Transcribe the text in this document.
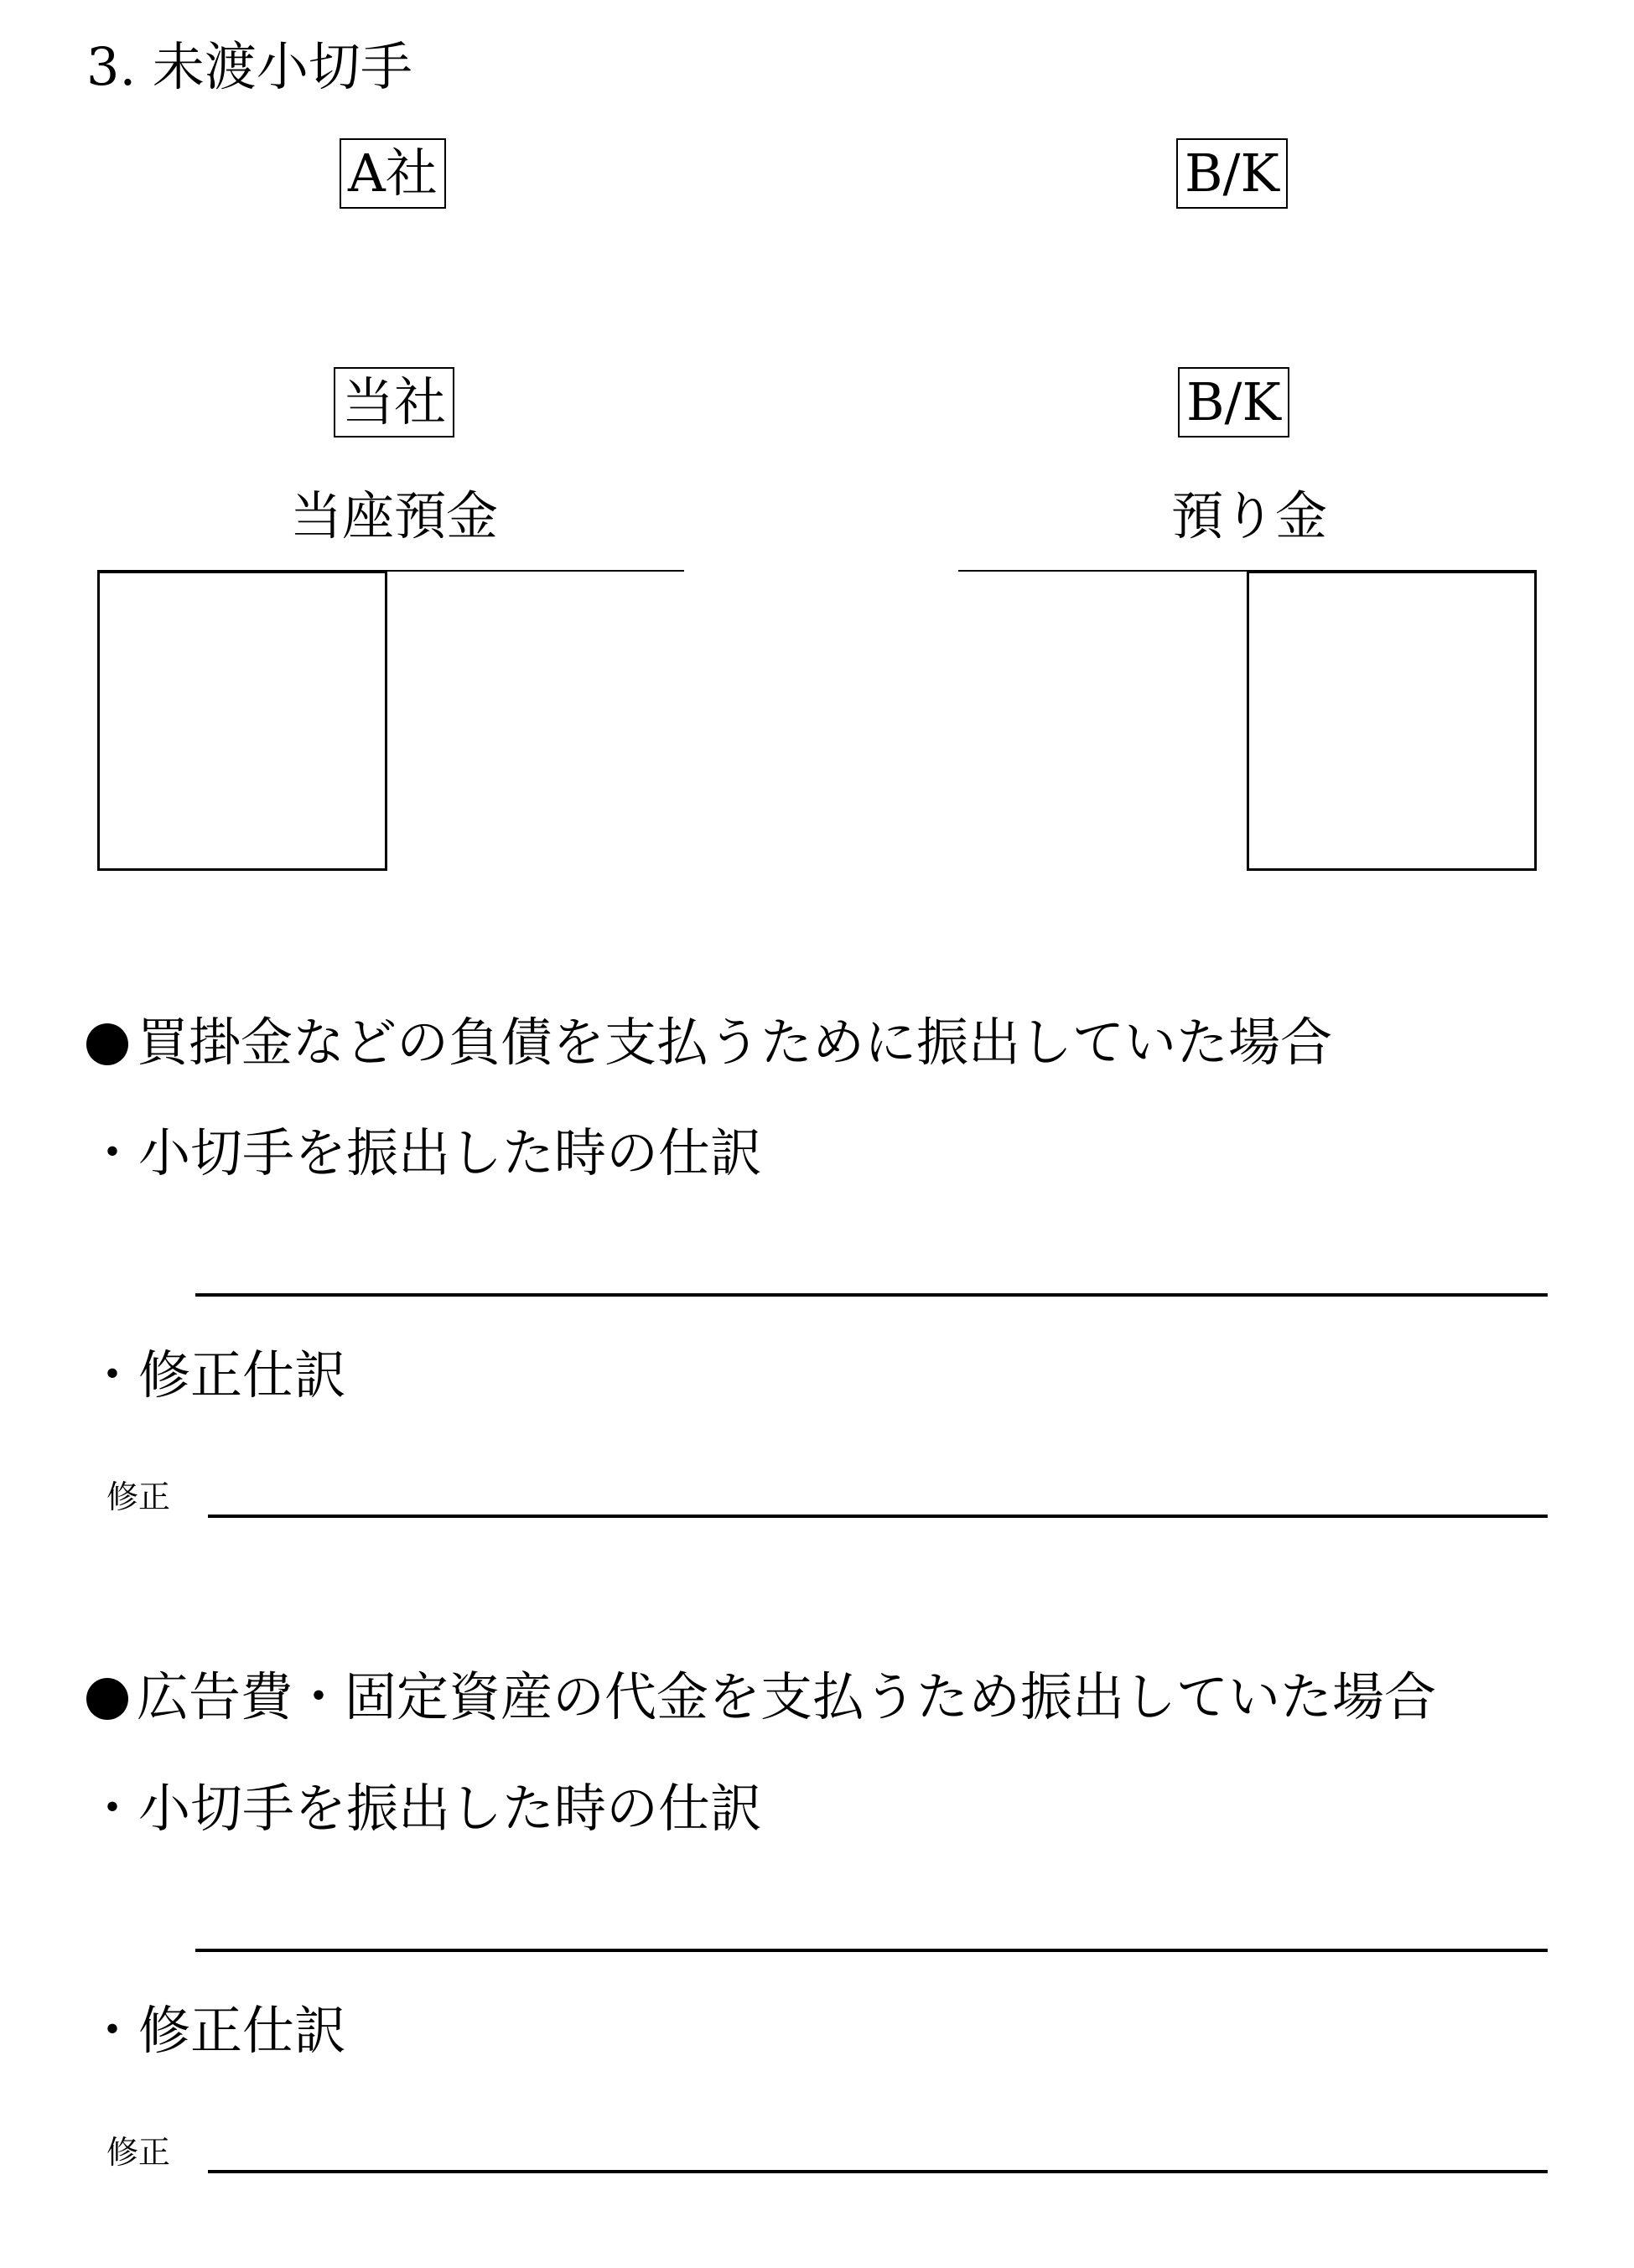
3. 未渡小切手
A社	B/K
当社	B/K
当座預金	預り金
買掛金などの負債を支払うために振出していた場合
・小切手を振出した時の仕訳
・修正仕訳
修正
広告費・固定資産の代金を支払うため振出していた場合
・小切手を振出した時の仕訳
・修正仕訳
修正
